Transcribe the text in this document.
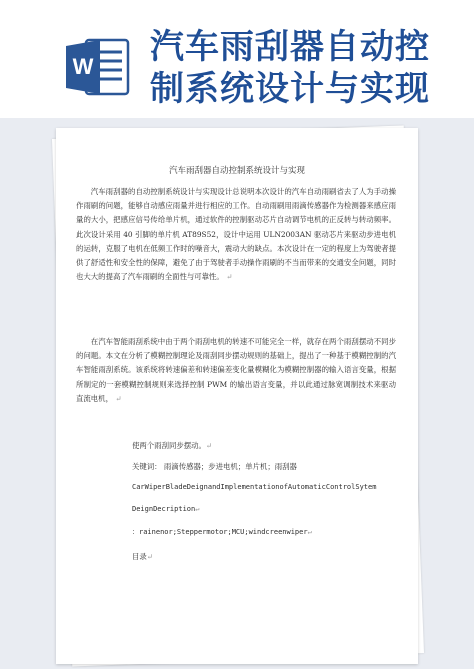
W 汽车雨刮器自动控制系统设计与实现
汽车雨刮器自动控制系统设计与实现
汽车雨刮器的自动控制系统设计与实现设计总说明本次设计的汽车自动雨刷省去了人为手动操作雨刷的问题，能够自动感应雨量并进行相应的工作。自动雨刷用雨滴传感器作为检测器来感应雨量的大小，把感应信号传给单片机，通过软件的控制驱动芯片自动调节电机的正反转与转动频率。此次设计采用 40 引脚的单片机 AT89S52，设计中运用 ULN2003AN 驱动芯片来驱动步进电机的运转，克服了电机在低频工作时的噪音大，震动大的缺点。本次设计在一定的程度上为驾驶者提供了舒适性和安全性的保障，避免了由于驾驶者手动操作雨刷的不当而带来的交通安全问题，同时也大大的提高了汽车雨刷的全面性与可靠性。 ↵
在汽车智能雨刮系统中由于两个雨刮电机的转速不可能完全一样，就存在两个雨刮摆动不同步的问题。本文在分析了模糊控制理论及雨刮同步摆动规则的基础上，提出了一种基于模糊控制的汽车智能雨刮系统。该系统将转速偏差和转速偏差变化量模糊化为模糊控制器的输入语言变量，根据所制定的一套模糊控制规则来选择控制 PWM 的输出语言变量，并以此通过脉宽调制技术来驱动直流电机， ↵
使两个雨刮同步摆动。↵
关键词： 雨滴传感器；步进电机；单片机；雨刮器
CarWiperBladeDeignandImplementationofAutomaticControlSytem
DeignDecription↵
：rainenor;Steppermotor;MCU;windcreenwiper↵
目录↵
